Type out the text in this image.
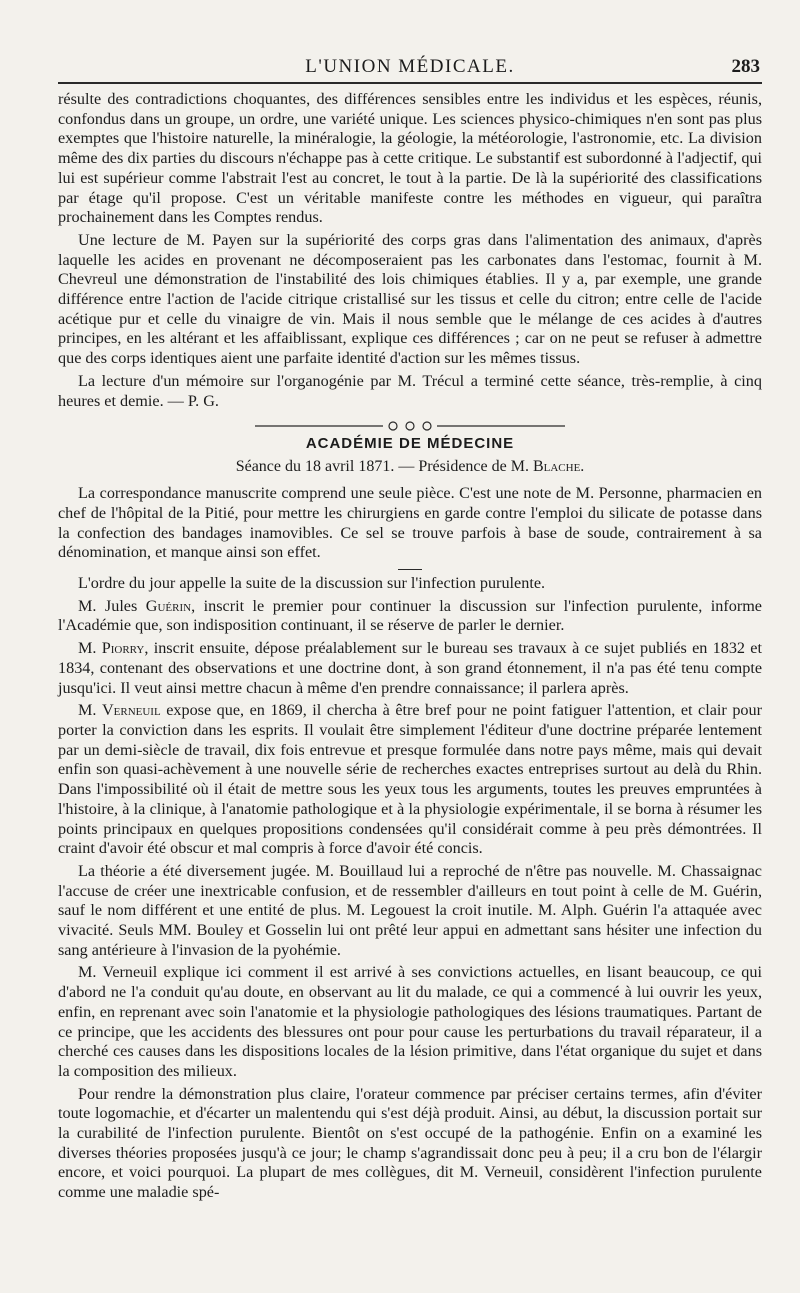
L'UNION MÉDICALE.	283

résulte des contradictions choquantes, des différences sensibles entre les individus et les espèces, réunis, confondus dans un groupe, un ordre, une variété unique. Les sciences physico-chimiques n'en sont pas plus exemptes que l'histoire naturelle, la minéralogie, la géologie, la météorologie, l'astronomie, etc. La division même des dix parties du discours n'échappe pas à cette critique. Le substantif est subordonné à l'adjectif, qui lui est supérieur comme l'abstrait l'est au concret, le tout à la partie. De là la supériorité des classifications par étage qu'il propose. C'est un véritable manifeste contre les méthodes en vigueur, qui paraîtra prochainement dans les Comptes rendus.

Une lecture de M. Payen sur la supériorité des corps gras dans l'alimentation des animaux, d'après laquelle les acides en provenant ne décomposeraient pas les carbonates dans l'estomac, fournit à M. Chevreul une démonstration de l'instabilité des lois chimiques établies. Il y a, par exemple, une grande différence entre l'action de l'acide citrique cristallisé sur les tissus et celle du citron; entre celle de l'acide acétique pur et celle du vinaigre de vin. Mais il nous semble que le mélange de ces acides à d'autres principes, en les altérant et les affaiblissant, explique ces différences ; car on ne peut se refuser à admettre que des corps identiques aient une parfaite identité d'action sur les mêmes tissus.

La lecture d'un mémoire sur l'organogénie par M. Trécul a terminé cette séance, très-remplie, à cinq heures et demie. — P. G.

ACADÉMIE DE MÉDECINE
Séance du 18 avril 1871. — Présidence de M. Blache.

La correspondance manuscrite comprend une seule pièce. C'est une note de M. Personne, pharmacien en chef de l'hôpital de la Pitié, pour mettre les chirurgiens en garde contre l'emploi du silicate de potasse dans la confection des bandages inamovibles. Ce sel se trouve parfois à base de soude, contrairement à sa dénomination, et manque ainsi son effet.

L'ordre du jour appelle la suite de la discussion sur l'infection purulente.

M. Jules Guérin, inscrit le premier pour continuer la discussion sur l'infection purulente, informe l'Académie que, son indisposition continuant, il se réserve de parler le dernier.

M. Piorry, inscrit ensuite, dépose préalablement sur le bureau ses travaux à ce sujet publiés en 1832 et 1834, contenant des observations et une doctrine dont, à son grand étonnement, il n'a pas été tenu compte jusqu'ici. Il veut ainsi mettre chacun à même d'en prendre connaissance; il parlera après.

M. Verneuil expose que, en 1869, il chercha à être bref pour ne point fatiguer l'attention, et clair pour porter la conviction dans les esprits. Il voulait être simplement l'éditeur d'une doctrine préparée lentement par un demi-siècle de travail, dix fois entrevue et presque formulée dans notre pays même, mais qui devait enfin son quasi-achèvement à une nouvelle série de recherches exactes entreprises surtout au delà du Rhin. Dans l'impossibilité où il était de mettre sous les yeux tous les arguments, toutes les preuves empruntées à l'histoire, à la clinique, à l'anatomie pathologique et à la physiologie expérimentale, il se borna à résumer les points principaux en quelques propositions condensées qu'il considérait comme à peu près démontrées. Il craint d'avoir été obscur et mal compris à force d'avoir été concis.

La théorie a été diversement jugée. M. Bouillaud lui a reproché de n'être pas nouvelle. M. Chassaignac l'accuse de créer une inextricable confusion, et de ressembler d'ailleurs en tout point à celle de M. Guérin, sauf le nom différent et une entité de plus. M. Legouest la croit inutile. M. Alph. Guérin l'a attaquée avec vivacité. Seuls MM. Bouley et Gosselin lui ont prêté leur appui en admettant sans hésiter une infection du sang antérieure à l'invasion de la pyohémie.

M. Verneuil explique ici comment il est arrivé à ses convictions actuelles, en lisant beaucoup, ce qui d'abord ne l'a conduit qu'au doute, en observant au lit du malade, ce qui a commencé à lui ouvrir les yeux, enfin, en reprenant avec soin l'anatomie et la physiologie pathologiques des lésions traumatiques. Partant de ce principe, que les accidents des blessures ont pour pour cause les perturbations du travail réparateur, il a cherché ces causes dans les dispositions locales de la lésion primitive, dans l'état organique du sujet et dans la composition des milieux.

Pour rendre la démonstration plus claire, l'orateur commence par préciser certains termes, afin d'éviter toute logomachie, et d'écarter un malentendu qui s'est déjà produit. Ainsi, au début, la discussion portait sur la curabilité de l'infection purulente. Bientôt on s'est occupé de la pathogénie. Enfin on a examiné les diverses théories proposées jusqu'à ce jour; le champ s'agrandissait donc peu à peu; il a cru bon de l'élargir encore, et voici pourquoi. La plupart de mes collègues, dit M. Verneuil, considèrent l'infection purulente comme une maladie spé-
